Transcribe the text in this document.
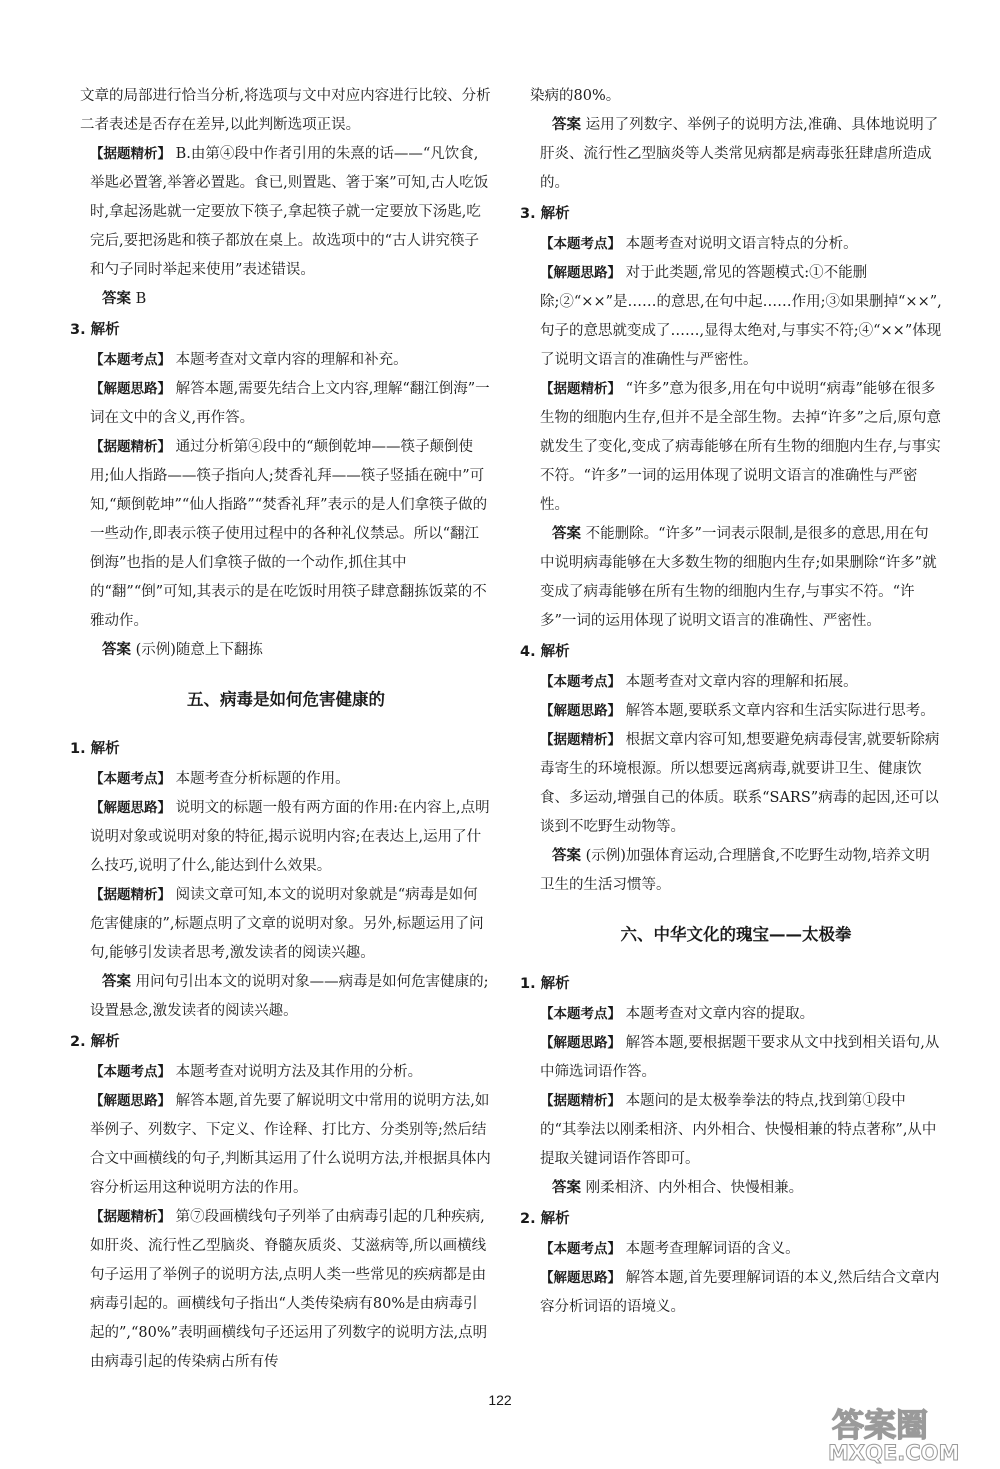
文章的局部进行恰当分析,将选项与文中对应内容进行比较、分析二者表述是否存在差异,以此判断选项正误。
【据题精析】 B.由第④段中作者引用的朱熹的话——“凡饮食,举匙必置箸,举箸必置匙。食已,则置匙、箸于案”可知,古人吃饭时,拿起汤匙就一定要放下筷子,拿起筷子就一定要放下汤匙,吃完后,要把汤匙和筷子都放在桌上。故选项中的“古人讲究筷子和勺子同时举起来使用”表述错误。
答案 B
3. 解析
【本题考点】 本题考查对文章内容的理解和补充。
【解题思路】 解答本题,需要先结合上文内容,理解“翻江倒海”一词在文中的含义,再作答。
【据题精析】 通过分析第④段中的“颠倒乾坤——筷子颠倒使用;仙人指路——筷子指向人;焚香礼拜——筷子竖插在碗中”可知,“颠倒乾坤”“仙人指路”“焚香礼拜”表示的是人们拿筷子做的一些动作,即表示筷子使用过程中的各种礼仪禁忌。所以“翻江倒海”也指的是人们拿筷子做的一个动作,抓住其中的“翻”“倒”可知,其表示的是在吃饭时用筷子肆意翻拣饭菜的不雅动作。
答案 (示例)随意上下翻拣
五、病毒是如何危害健康的
1. 解析
【本题考点】 本题考查分析标题的作用。
【解题思路】 说明文的标题一般有两方面的作用:在内容上,点明说明对象或说明对象的特征,揭示说明内容;在表达上,运用了什么技巧,说明了什么,能达到什么效果。
【据题精析】 阅读文章可知,本文的说明对象就是“病毒是如何危害健康的”,标题点明了文章的说明对象。另外,标题运用了问句,能够引发读者思考,激发读者的阅读兴趣。
答案 用问句引出本文的说明对象——病毒是如何危害健康的;设置悬念,激发读者的阅读兴趣。
2. 解析
【本题考点】 本题考查对说明方法及其作用的分析。
【解题思路】 解答本题,首先要了解说明文中常用的说明方法,如举例子、列数字、下定义、作诠释、打比方、分类别等;然后结合文中画横线的句子,判断其运用了什么说明方法,并根据具体内容分析运用这种说明方法的作用。
【据题精析】 第⑦段画横线句子列举了由病毒引起的几种疾病,如肝炎、流行性乙型脑炎、脊髓灰质炎、艾滋病等,所以画横线句子运用了举例子的说明方法,点明人类一些常见的疾病都是由病毒引起的。画横线句子指出“人类传染病有80%是由病毒引起的”,“80%”表明画横线句子还运用了列数字的说明方法,点明由病毒引起的传染病占所有传
染病的80%。
答案 运用了列数字、举例子的说明方法,准确、具体地说明了肝炎、流行性乙型脑炎等人类常见病都是病毒张狂肆虐所造成的。
3. 解析
【本题考点】 本题考查对说明文语言特点的分析。
【解题思路】 对于此类题,常见的答题模式:①不能删除;②“××”是……的意思,在句中起……作用;③如果删掉“××”,句子的意思就变成了……,显得太绝对,与事实不符;④“××”体现了说明文语言的准确性与严密性。
【据题精析】 “许多”意为很多,用在句中说明“病毒”能够在很多生物的细胞内生存,但并不是全部生物。去掉“许多”之后,原句意就发生了变化,变成了病毒能够在所有生物的细胞内生存,与事实不符。“许多”一词的运用体现了说明文语言的准确性与严密性。
答案 不能删除。“许多”一词表示限制,是很多的意思,用在句中说明病毒能够在大多数生物的细胞内生存;如果删除“许多”就变成了病毒能够在所有生物的细胞内生存,与事实不符。“许多”一词的运用体现了说明文语言的准确性、严密性。
4. 解析
【本题考点】 本题考查对文章内容的理解和拓展。
【解题思路】 解答本题,要联系文章内容和生活实际进行思考。
【据题精析】 根据文章内容可知,想要避免病毒侵害,就要斩除病毒寄生的环境根源。所以想要远离病毒,就要讲卫生、健康饮食、多运动,增强自己的体质。联系“SARS”病毒的起因,还可以谈到不吃野生动物等。
答案 (示例)加强体育运动,合理膳食,不吃野生动物,培养文明卫生的生活习惯等。
六、中华文化的瑰宝——太极拳
1. 解析
【本题考点】 本题考查对文章内容的提取。
【解题思路】 解答本题,要根据题干要求从文中找到相关语句,从中筛选词语作答。
【据题精析】 本题问的是太极拳拳法的特点,找到第①段中的“其拳法以刚柔相济、内外相合、快慢相兼的特点著称”,从中提取关键词语作答即可。
答案 刚柔相济、内外相合、快慢相兼。
2. 解析
【本题考点】 本题考查理解词语的含义。
【解题思路】 解答本题,首先要理解词语的本义,然后结合文章内容分析词语的语境义。
122
答案圈
MXQE.COM
